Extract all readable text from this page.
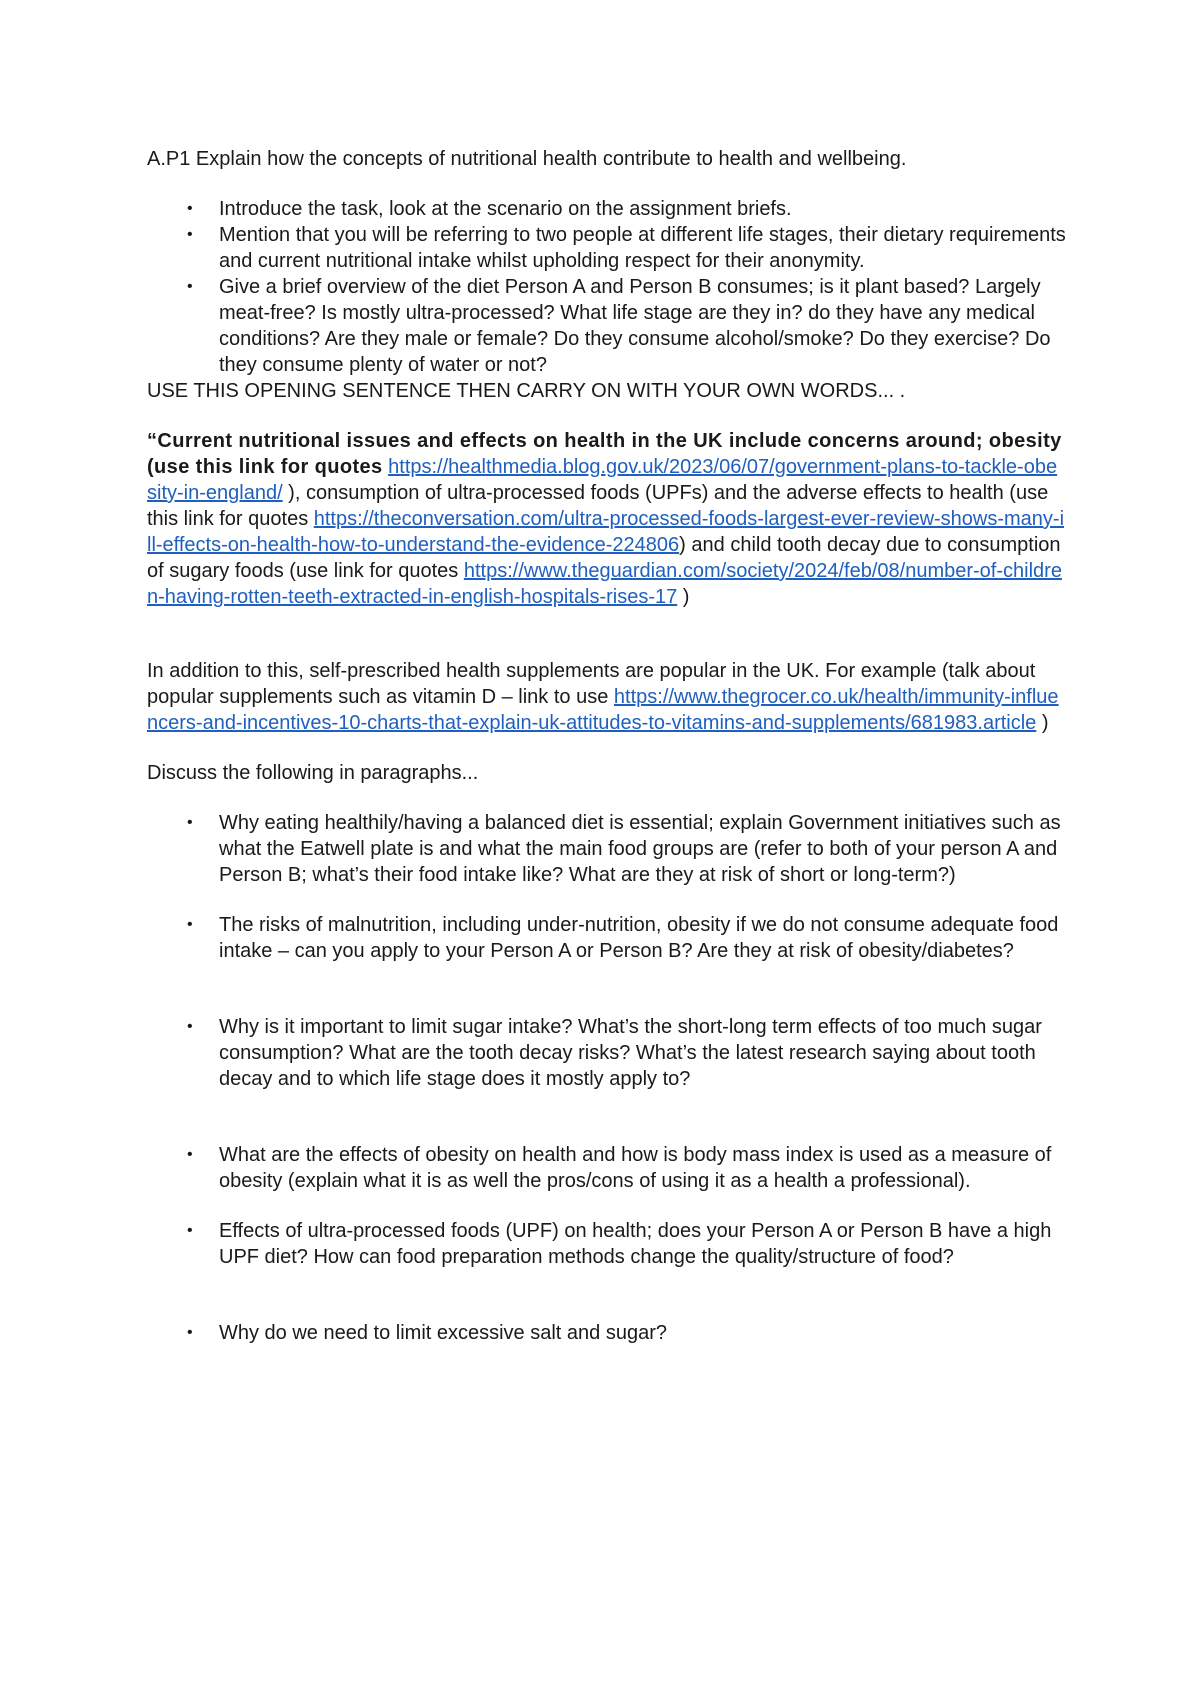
A.P1 Explain how the concepts of nutritional health contribute to health and wellbeing.

• Introduce the task, look at the scenario on the assignment briefs.
• Mention that you will be referring to two people at different life stages, their dietary requirements and current nutritional intake whilst upholding respect for their anonymity.
• Give a brief overview of the diet Person A and Person B consumes; is it plant based? Largely meat-free? Is mostly ultra-processed? What life stage are they in? do they have any medical conditions? Are they male or female? Do they consume alcohol/smoke? Do they exercise? Do they consume plenty of water or not?

USE THIS OPENING SENTENCE THEN CARRY ON WITH YOUR OWN WORDS... .

“Current nutritional issues and effects on health in the UK include concerns around; obesity (use this link for quotes https://healthmedia.blog.gov.uk/2023/06/07/government-plans-to-tackle-obesity-in-england/ ), consumption of ultra-processed foods (UPFs) and the adverse effects to health (use this link for quotes https://theconversation.com/ultra-processed-foods-largest-ever-review-shows-many-ill-effects-on-health-how-to-understand-the-evidence-224806) and child tooth decay due to consumption of sugary foods (use link for quotes https://www.theguardian.com/society/2024/feb/08/number-of-children-having-rotten-teeth-extracted-in-english-hospitals-rises-17 )

In addition to this, self-prescribed health supplements are popular in the UK. For example (talk about popular supplements such as vitamin D – link to use https://www.thegrocer.co.uk/health/immunity-influencers-and-incentives-10-charts-that-explain-uk-attitudes-to-vitamins-and-supplements/681983.article )

Discuss the following in paragraphs...

• Why eating healthily/having a balanced diet is essential; explain Government initiatives such as what the Eatwell plate is and what the main food groups are (refer to both of your person A and Person B; what’s their food intake like? What are they at risk of short or long-term?)
• The risks of malnutrition, including under-nutrition, obesity if we do not consume adequate food intake – can you apply to your Person A or Person B? Are they at risk of obesity/diabetes?
• Why is it important to limit sugar intake? What’s the short-long term effects of too much sugar consumption? What are the tooth decay risks? What’s the latest research saying about tooth decay and to which life stage does it mostly apply to?
• What are the effects of obesity on health and how is body mass index is used as a measure of obesity (explain what it is as well the pros/cons of using it as a health a professional).
• Effects of ultra-processed foods (UPF) on health; does your Person A or Person B have a high UPF diet? How can food preparation methods change the quality/structure of food?
• Why do we need to limit excessive salt and sugar?
